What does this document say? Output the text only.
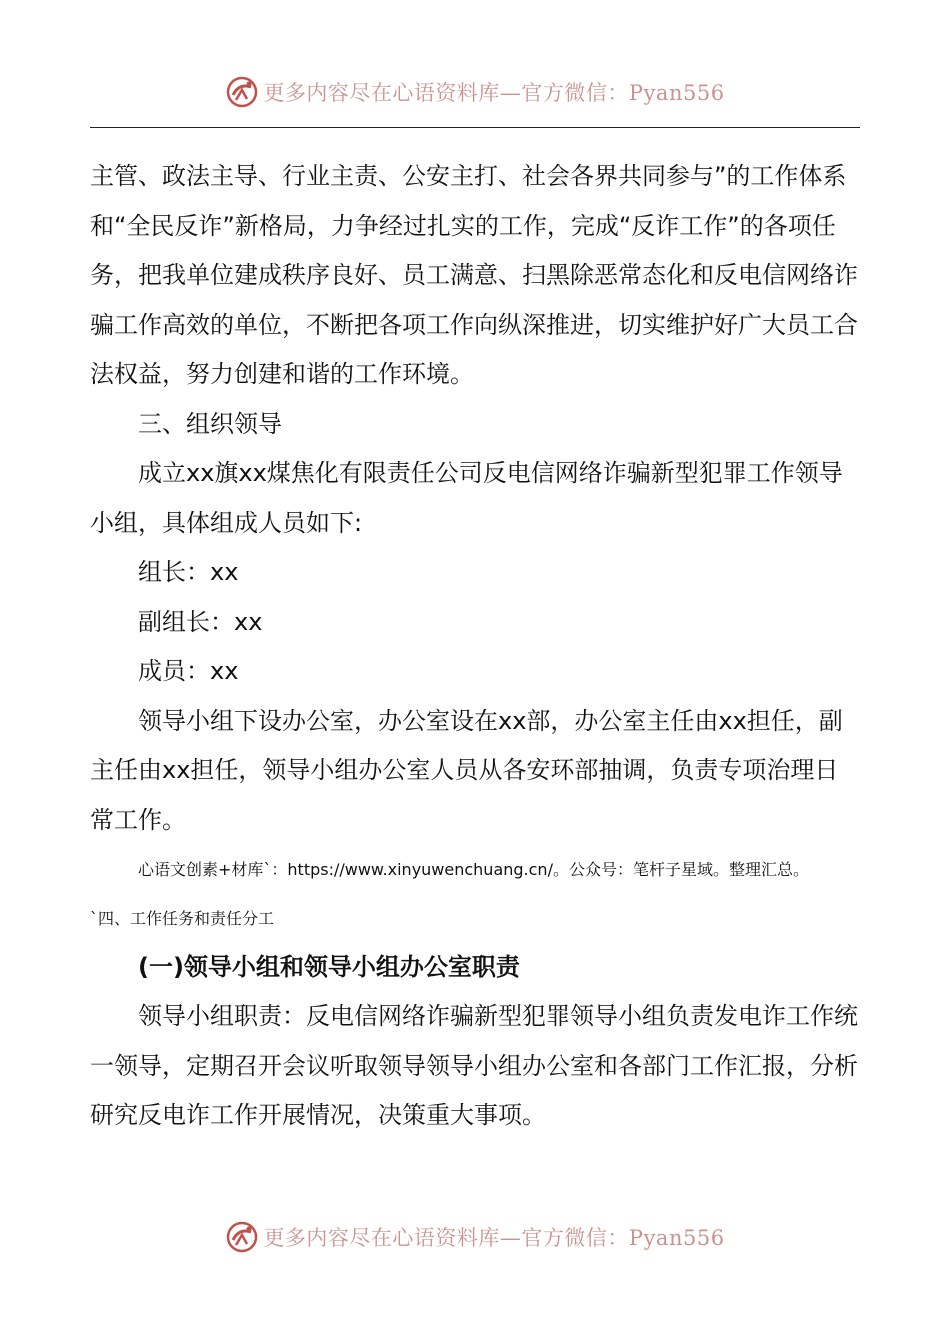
更多内容尽在心语资料库—官方微信：Pyan556

主管、政法主导、行业主责、公安主打、社会各界共同参与”的工作体系和“全民反诈”新格局，力争经过扎实的工作，完成“反诈工作”的各项任务，把我单位建成秩序良好、员工满意、扫黑除恶常态化和反电信网络诈骗工作高效的单位，不断把各项工作向纵深推进，切实维护好广大员工合法权益，努力创建和谐的工作环境。

三、组织领导

成立xx旗xx煤焦化有限责任公司反电信网络诈骗新型犯罪工作领导小组，具体组成人员如下:

组长：xx

副组长：xx

成员：xx

领导小组下设办公室，办公室设在xx部，办公室主任由xx担任，副主任由xx担任，领导小组办公室人员从各安环部抽调，负责专项治理日常工作。

心语文创素+材库`：https://www.xinyuwenchuang.cn/。公众号：笔杆子星域。整理汇总。

`四、工作任务和责任分工

(一)领导小组和领导小组办公室职责

领导小组职责：反电信网络诈骗新型犯罪领导小组负责发电诈工作统一领导，定期召开会议听取领导领导小组办公室和各部门工作汇报，分析研究反电诈工作开展情况，决策重大事项。

更多内容尽在心语资料库—官方微信：Pyan556
